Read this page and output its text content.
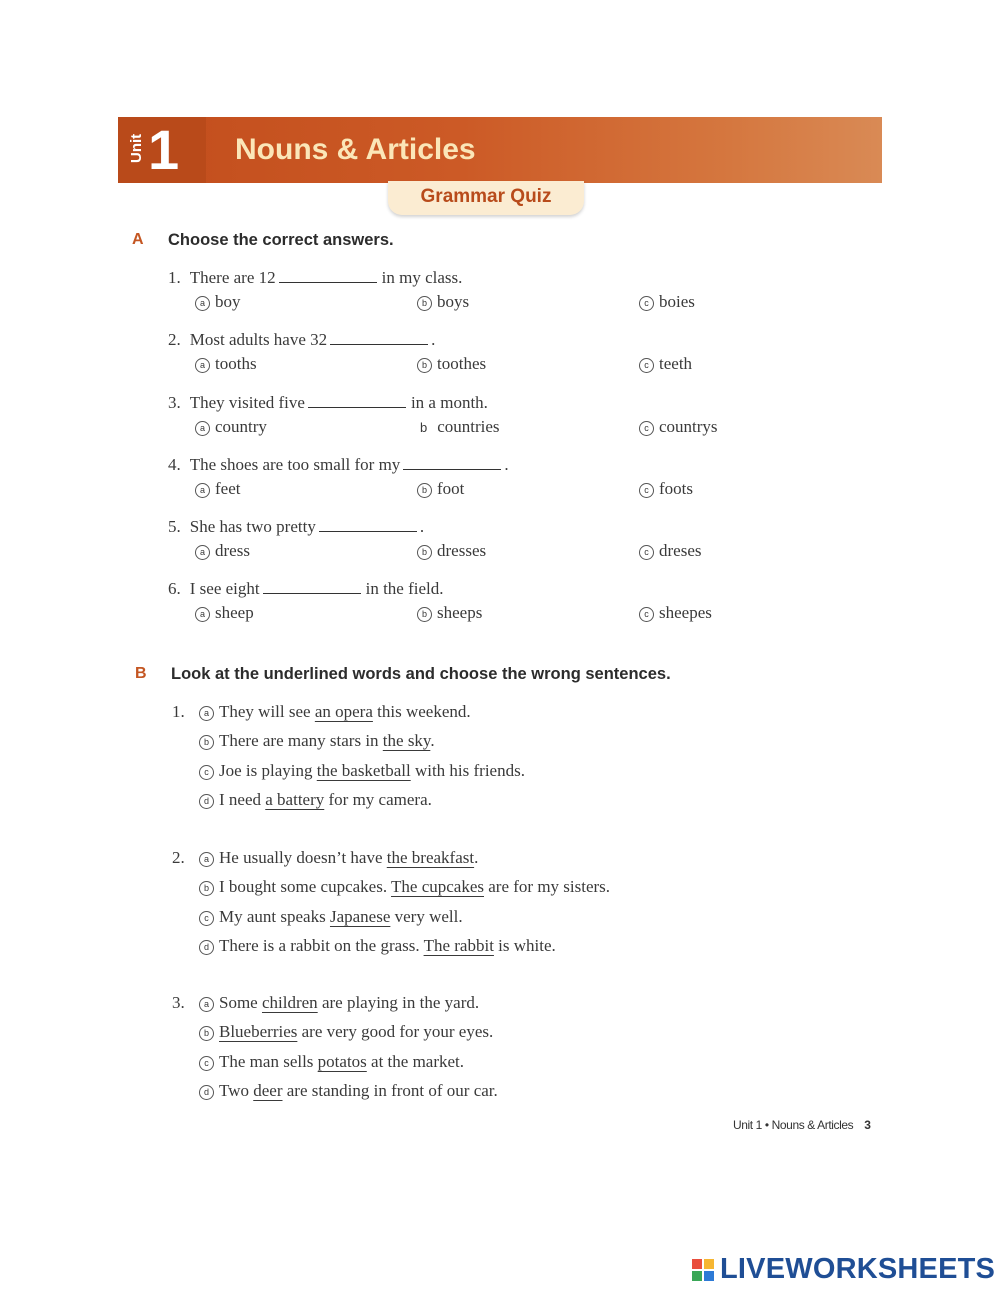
Unit 1 Nouns & Articles
Grammar Quiz
A Choose the correct answers.
1. There are 12	in my class.
a boy	b boys	c boies
2. Most adults have 32	.
a tooths	b toothes	c teeth
3. They visited five	in a month.
a country	b countries	c countrys
4. The shoes are too small for my	.
a feet	b foot	c foots
5. She has two pretty	.
a dress	b dresses	c dreses
6. I see eight	in the field.
a sheep	b sheeps	c sheepes
B Look at the underlined words and choose the wrong sentences.
1.	a They will see an opera this weekend.
b There are many stars in the sky.
c Joe is playing the basketball with his friends.
d I need a battery for my camera.
2.	a He usually doesn’t have the breakfast.
b I bought some cupcakes. The cupcakes are for my sisters.
c My aunt speaks Japanese very well.
d There is a rabbit on the grass. The rabbit is white.
3.	a Some children are playing in the yard.
b Blueberries are very good for your eyes.
c The man sells potatos at the market.
d Two deer are standing in front of our car.
Unit 1 • Nouns & Articles 3
LIVEWORKSHEETS
